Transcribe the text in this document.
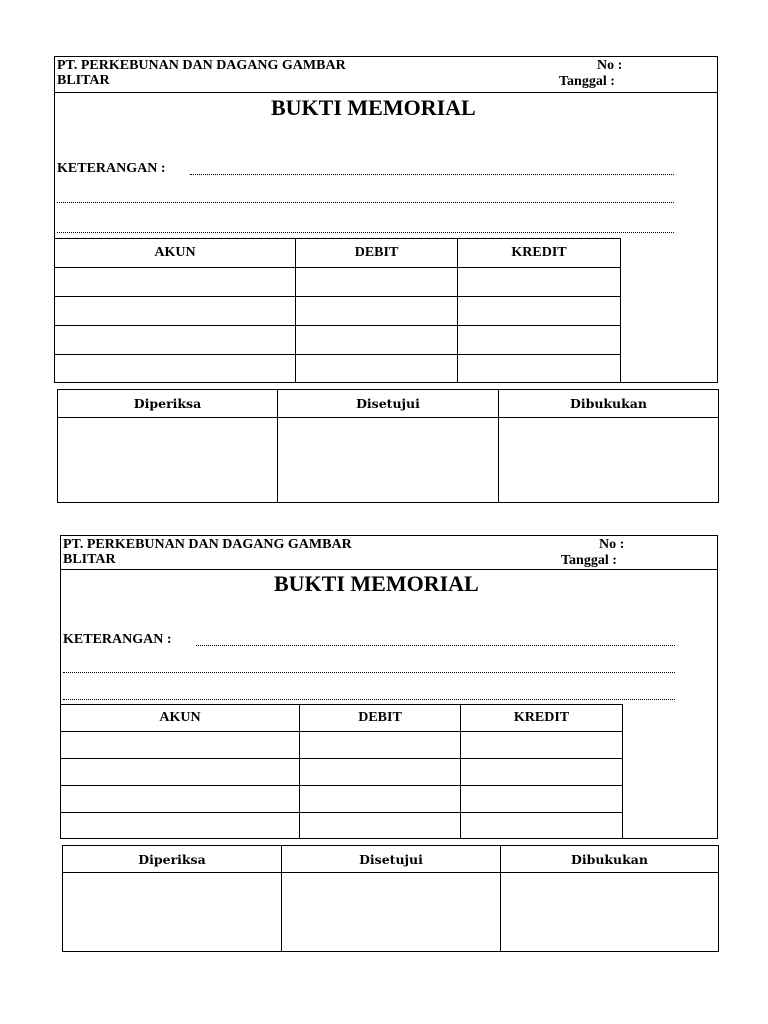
PT. PERKEBUNAN DAN DAGANG GAMBAR
BLITAR
No :
Tanggal :
BUKTI MEMORIAL
KETERANGAN :
AKUN	DEBIT	KREDIT

Diperiksa	Disetujui	Dibukukan

PT. PERKEBUNAN DAN DAGANG GAMBAR
BLITAR
No :
Tanggal :
BUKTI MEMORIAL
KETERANGAN :
AKUN	DEBIT	KREDIT

Diperiksa	Disetujui	Dibukukan
